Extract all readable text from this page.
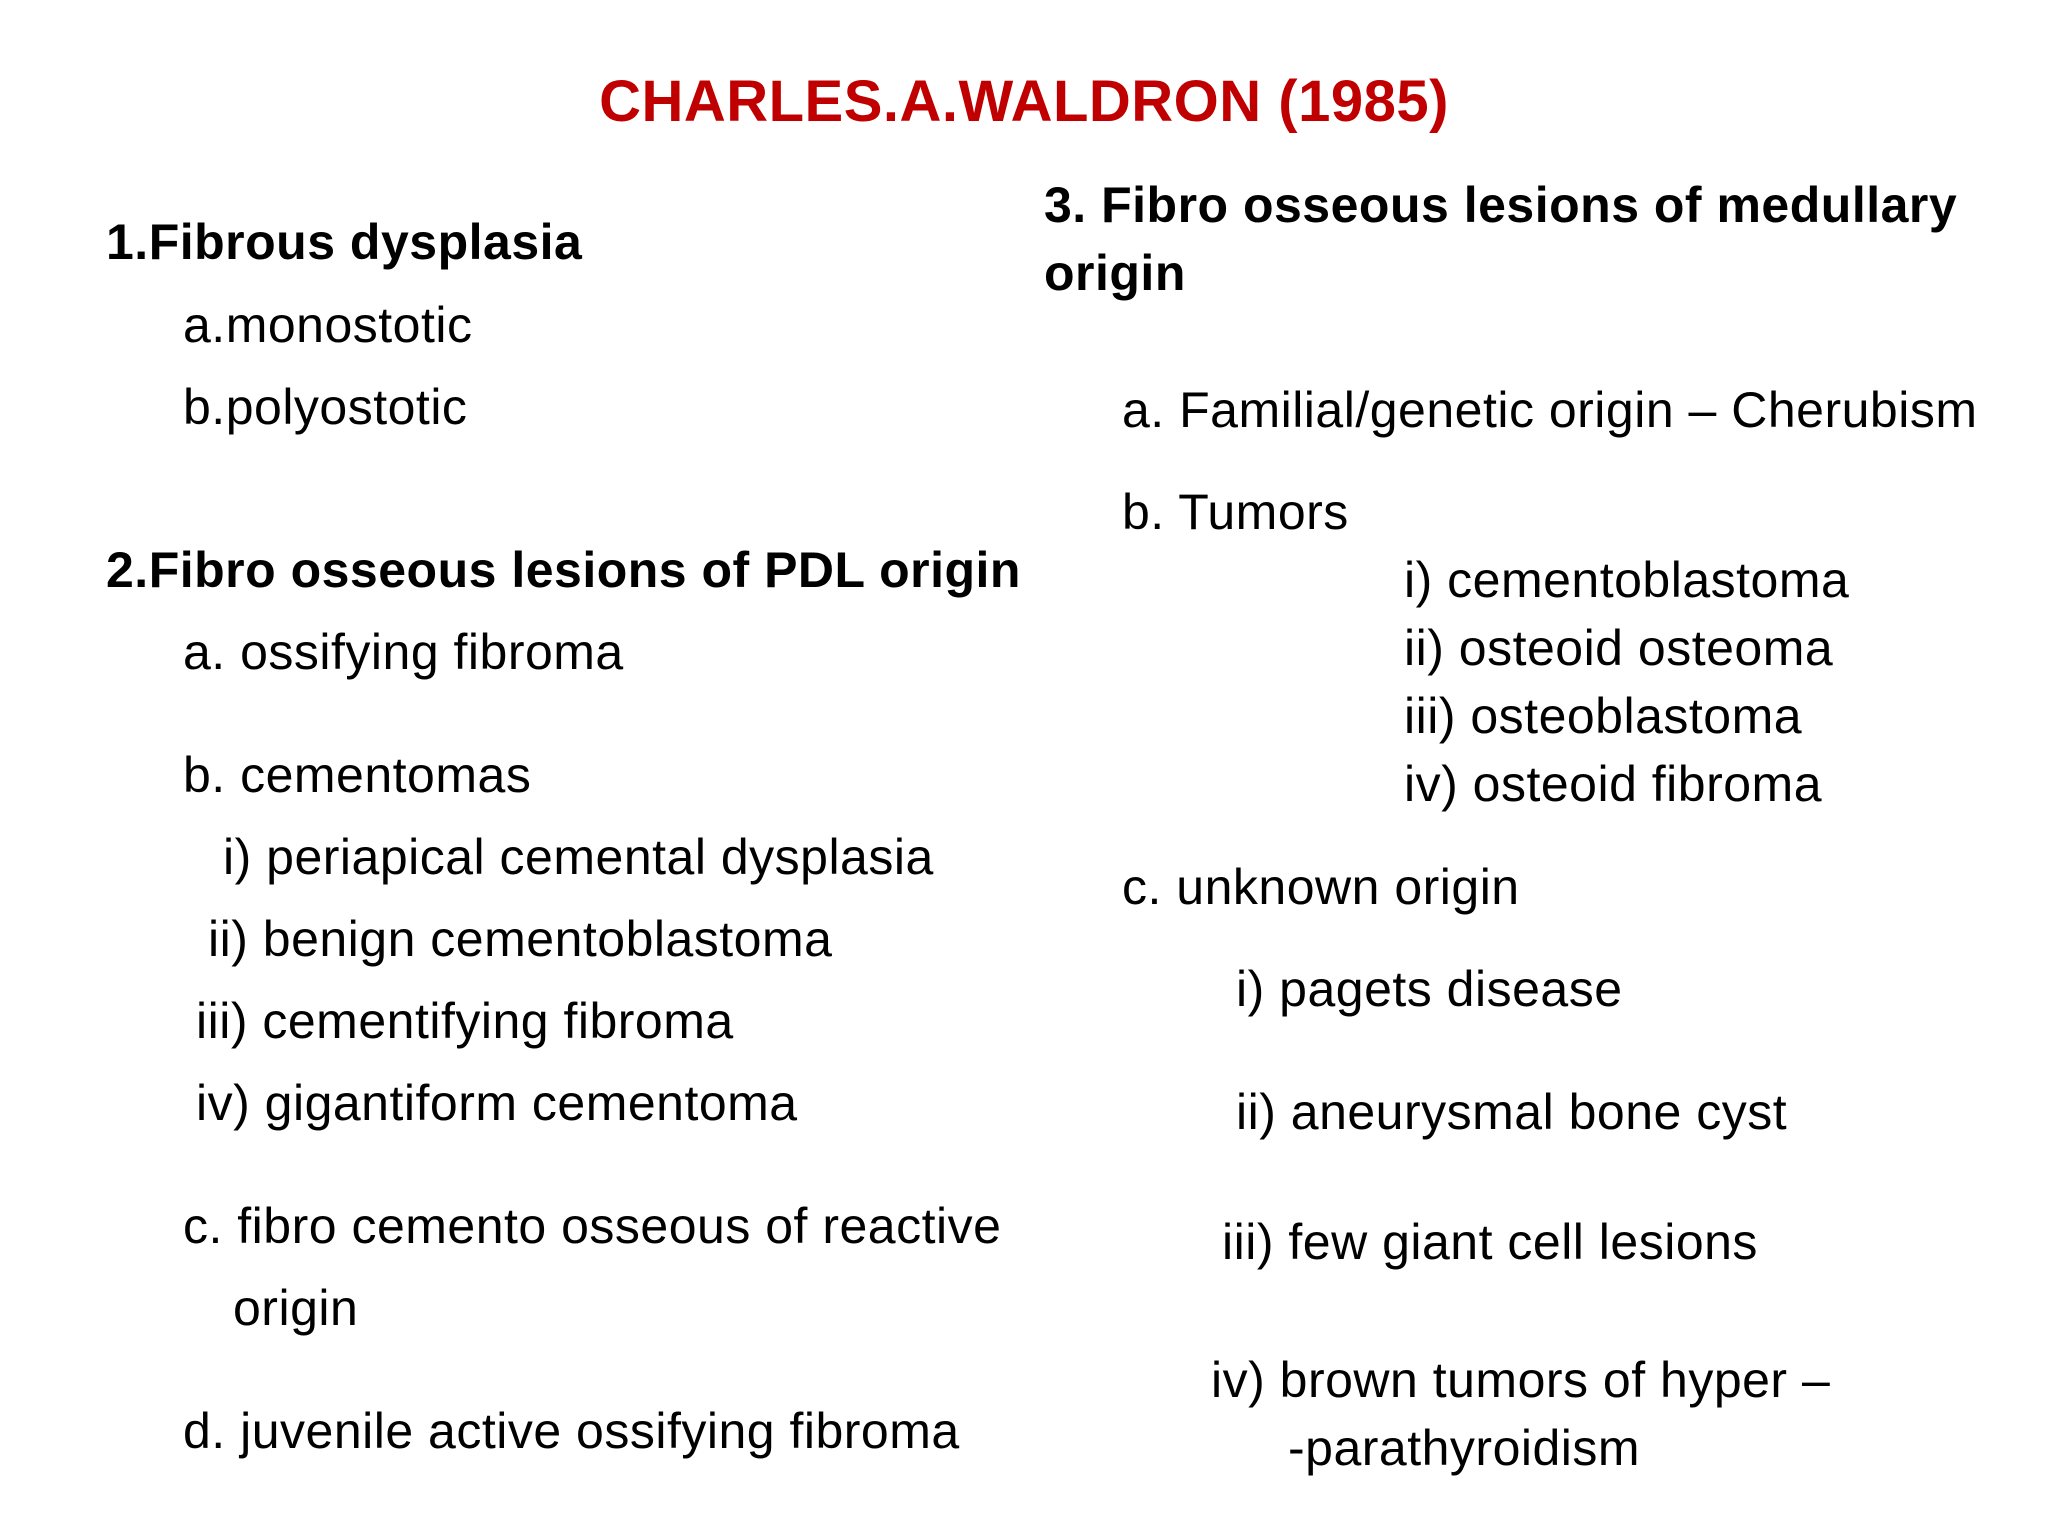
CHARLES.A.WALDRON (1985)
1.Fibrous dysplasia
a.monostotic
b.polyostotic
2.Fibro osseous lesions of PDL origin
a. ossifying fibroma
b. cementomas
i) periapical cemental dysplasia
ii) benign cementoblastoma
iii) cementifying fibroma
iv) gigantiform cementoma
c. fibro cemento osseous of reactive
origin
d. juvenile active ossifying fibroma
3. Fibro osseous lesions of medullary
origin
a. Familial/genetic origin – Cherubism
b. Tumors
i) cementoblastoma
ii) osteoid osteoma
iii) osteoblastoma
iv) osteoid fibroma
c. unknown origin
i) pagets disease
ii) aneurysmal bone cyst
iii) few giant cell lesions
iv) brown tumors of hyper –
-parathyroidism
